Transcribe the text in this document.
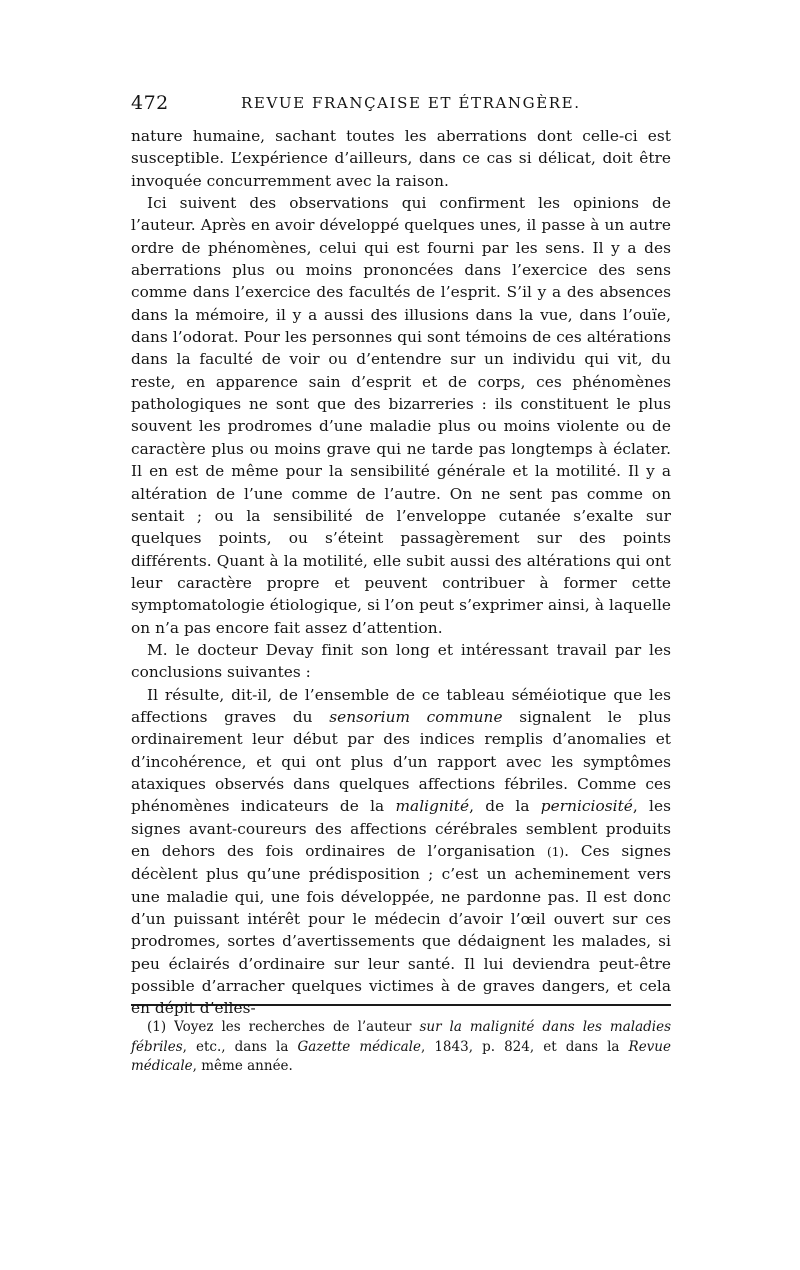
472	REVUE FRANÇAISE ET ÉTRANGÈRE.

nature humaine, sachant toutes les aberrations dont celle-ci est susceptible. L’expérience d’ailleurs, dans ce cas si délicat, doit être invoquée concurremment avec la raison.

Ici suivent des observations qui confirment les opinions de l’auteur. Après en avoir développé quelques unes, il passe à un autre ordre de phénomènes, celui qui est fourni par les sens. Il y a des aberrations plus ou moins prononcées dans l’exercice des sens comme dans l’exercice des facultés de l’esprit. S’il y a des absences dans la mémoire, il y a aussi des illusions dans la vue, dans l’ouïe, dans l’odorat. Pour les personnes qui sont témoins de ces altérations dans la faculté de voir ou d’entendre sur un individu qui vit, du reste, en apparence sain d’esprit et de corps, ces phénomènes pathologiques ne sont que des bizarreries : ils constituent le plus souvent les prodromes d’une maladie plus ou moins violente ou de caractère plus ou moins grave qui ne tarde pas longtemps à éclater. Il en est de même pour la sensibilité générale et la motilité. Il y a altération de l’une comme de l’autre. On ne sent pas comme on sentait ; ou la sensibilité de l’enveloppe cutanée s’exalte sur quelques points, ou s’éteint passagèrement sur des points différents. Quant à la motilité, elle subit aussi des altérations qui ont leur caractère propre et peuvent contribuer à former cette symptomatologie étiologique, si l’on peut s’exprimer ainsi, à laquelle on n’a pas encore fait assez d’attention.

M. le docteur Devay finit son long et intéressant travail par les conclusions suivantes :

Il résulte, dit-il, de l’ensemble de ce tableau séméiotique que les affections graves du sensorium commune signalent le plus ordinairement leur début par des indices remplis d’anomalies et d’incohérence, et qui ont plus d’un rapport avec les symptômes ataxiques observés dans quelques affections fébriles. Comme ces phénomènes indicateurs de la malignité, de la perniciosité, les signes avant-coureurs des affections cérébrales semblent produits en dehors des fois ordinaires de l’organisation (1). Ces signes décèlent plus qu’une prédisposition ; c’est un acheminement vers une maladie qui, une fois développée, ne pardonne pas. Il est donc d’un puissant intérêt pour le médecin d’avoir l’œil ouvert sur ces prodromes, sortes d’avertissements que dédaignent les malades, si peu éclairés d’ordinaire sur leur santé. Il lui deviendra peut-être possible d’arracher quelques victimes à de graves dangers, et cela en dépit d’elles-

(1) Voyez les recherches de l’auteur sur la malignité dans les maladies fébriles, etc., dans la Gazette médicale, 1843, p. 824, et dans la Revue médicale, même année.
